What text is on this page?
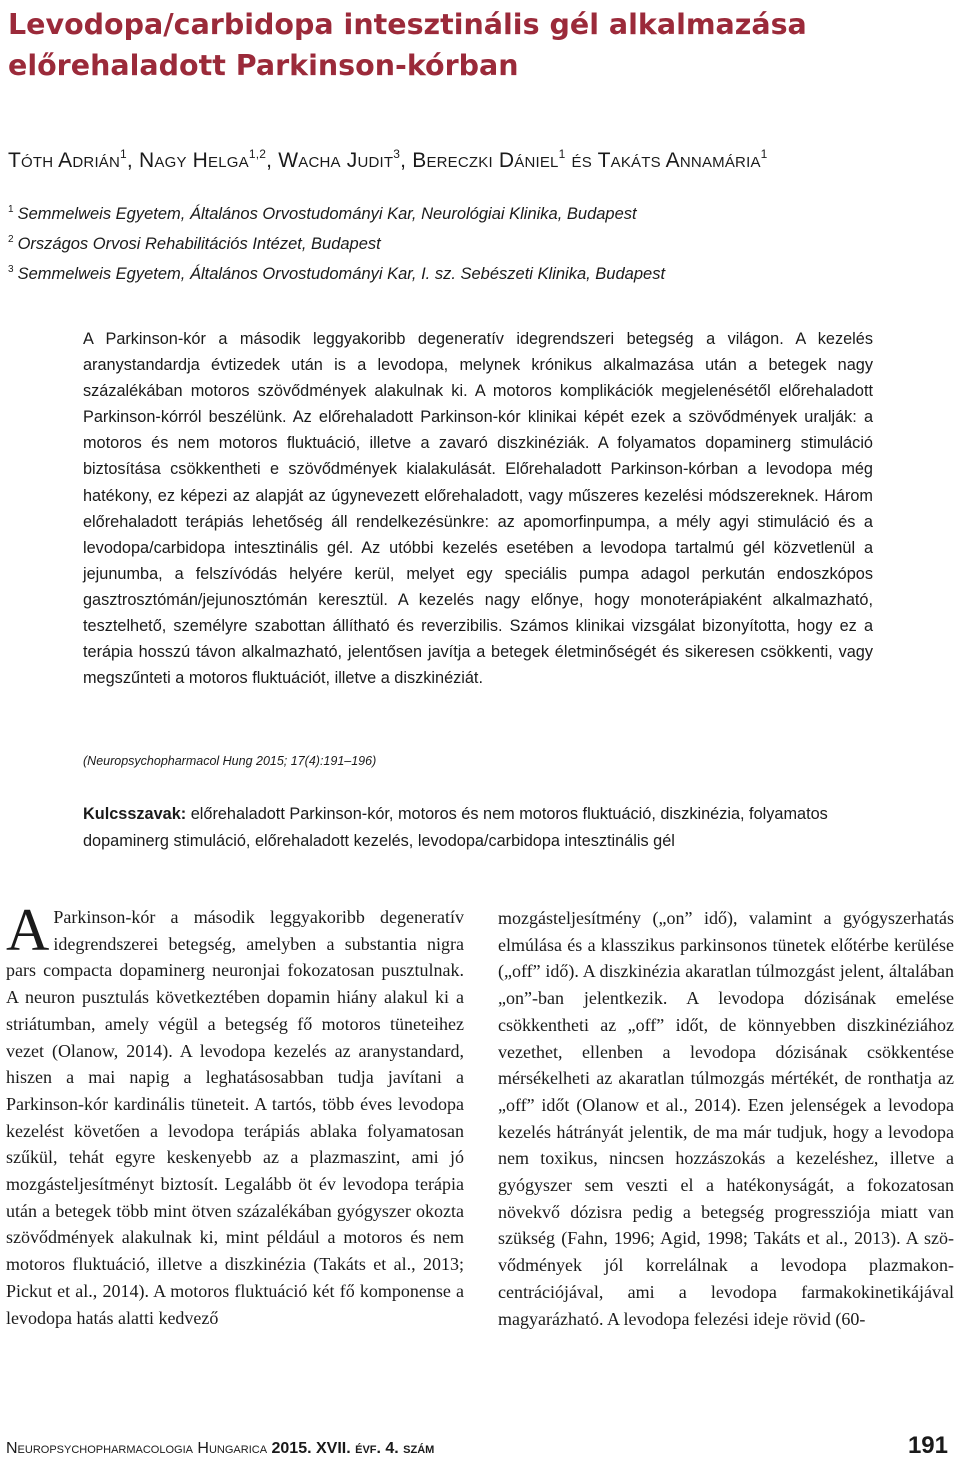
Levodopa/carbidopa intesztinális gél alkalmazása előrehaladott Parkinson-kórban
Tóth Adrián$^1$, Nagy Helga$^{1,2}$, Wacha Judit$^3$, Bereczki Dániel$^1$ és Takáts Annamária$^1$
$^1$ Semmelweis Egyetem, Általános Orvostudományi Kar, Neurológiai Klinika, Budapest
$^2$ Országos Orvosi Rehabilitációs Intézet, Budapest
$^3$ Semmelweis Egyetem, Általános Orvostudományi Kar, I. sz. Sebészeti Klinika, Budapest

A Parkinson-kór a második leggyakoribb degeneratív idegrendszeri betegség a világon. A kezelés aranystandardja évtizedek után is a levodopa, melynek krónikus alkalmazása után a betegek nagy százalékában motoros szövődmények alakulnak ki. A motoros komplikációk megjelenésétől előrehaladott Parkinson-kórról beszélünk. Az előrehaladott Parkinson-kór klinikai képét ezek a szövődmények uralják: a motoros és nem motoros fluktuáció, illetve a zavaró diszkinéziák. A folyamatos dopaminerg stimuláció biztosítása csökkentheti e szövődmények kialakulását. Előrehaladott Parkinson-kórban a levodopa még hatékony, ez képezi az alapját az úgynevezett előrehaladott, vagy műszeres kezelési módszereknek. Három előrehaladott terápiás lehetőség áll rendelkezésünkre: az apomorfinpumpa, a mély agyi stimuláció és a levodopa/carbidopa intesztinális gél. Az utóbbi kezelés esetében a levodopa tartalmú gél közvetlenül a jejunumba, a felszívódás helyére kerül, melyet egy speciális pumpa adagol perkután endoszkópos gasztrosztómán/jejunosztómán keresztül. A kezelés nagy előnye, hogy monoterápiaként alkalmazható, tesztelhető, személyre szabottan állítható és reverzibilis. Számos klinikai vizsgálat bizonyította, hogy ez a terápia hosszú távon alkalmazható, jelentősen javítja a betegek életminőségét és sikeresen csökkenti, vagy megszűnteti a motoros fluktuációt, illetve a diszkinéziát.

(Neuropsychopharmacol Hung 2015; 17(4):191–196)
Kulcsszavak: előrehaladott Parkinson-kór, motoros és nem motoros fluktuáció, diszkinézia, folyamatos dopaminerg stimuláció, előrehaladott kezelés, levodopa/carbidopa intesztinális gél
A Parkinson-kór a második leggyakoribb degeneratív idegrendszerei betegség, amelyben a substantia nigra pars compacta dopaminerg neuronjai fokozatosan pusztulnak. A neuron pusztulás következtében dopamin hiány alakul ki a striátumban, amely végül a betegség fő motoros tüneteihez vezet (Olanow, 2014). A levodopa kezelés az aranystandard, hiszen a mai napig a leghatásosabban tudja javítani a Parkinson-kór kardinális tüneteit. A tartós, több éves levodopa kezelést követően a levodopa terápiás ablaka folyamatosan szűkül, tehát egyre keskenyebb az a plazmaszint, ami jó mozgásteljesítményt biztosít. Legalább öt év levodopa terápia után a betegek több mint ötven százalékában gyógyszer okozta szövődmények alakulnak ki, mint például a motoros és nem motoros fluktuáció, illetve a diszkinézia (Takáts et al., 2013; Pickut et al., 2014). A motoros fluktuáció két fő komponense a levodopa hatás alatti kedvező

mozgásteljesítmény („on” idő), valamint a gyógyszerhatás elmúlása és a klasszikus parkinsonos tünetek előtérbe kerülése („off” idő). A diszkinézia akaratlan túlmozgást jelent, általában „on”-ban jelentkezik. A levodopa dózisának emelése csökkentheti az „off” időt, de könnyebben diszkinéziához vezethet, ellenben a levodopa dózisának csökkentése mérsékelheti az akaratlan túlmozgás mértékét, de ronthatja az „off” időt (Olanow et al., 2014). Ezen jelenségek a levodopa kezelés hátrányát jelentik, de ma már tudjuk, hogy a levodopa nem toxikus, nincsen hozzászokás a kezeléshez, illetve a gyógyszer sem veszti el a hatékonyságát, a fokozatosan növekvő dózisra pedig a betegség progressziója miatt van szükség (Fahn, 1996; Agid, 1998; Takáts et al., 2013). A szövődmények jól korrelálnak a levodopa plazmakoncentrációjával, ami a levodopa farmakokinetikájával magyarázható. A levodopa felezési ideje rövid (60-

Neuropsychopharmacologia Hungarica 2015. XVII. évf. 4. szám	191
